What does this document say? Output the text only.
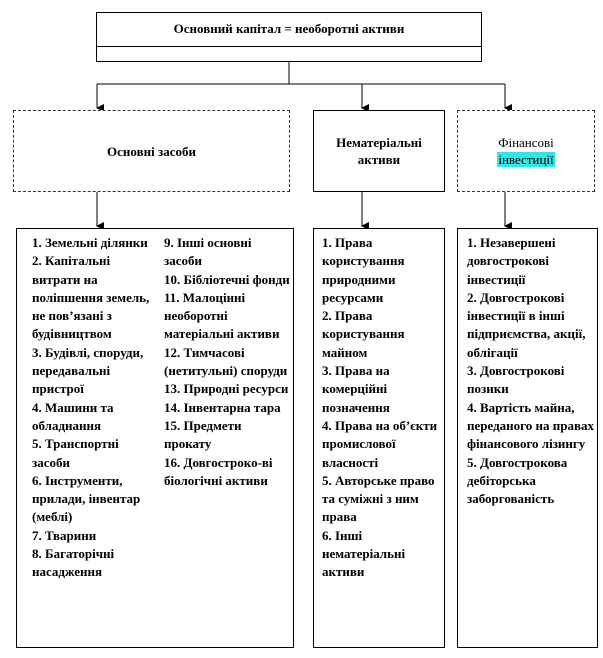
Основний капітал = необоротні активи
Основні засоби
Нематеріальні
активи
Фінансові
інвестиції
1. Земельні ділянки
2. Капітальні витрати на поліпшення земель, не пов’язані з будівництвом
3. Будівлі, споруди, передавальні пристрої
4. Машини та обладнання
5. Транспортні засоби
6. Інструменти, прилади, інвентар (меблі)
7. Тварини
8. Багаторічні насадження
9. Інші основні засоби
10. Бібліотечні фонди
11. Малоцінні необоротні матеріальні активи
12. Тимчасові (нетитульні) споруди
13. Природні ресурси
14. Інвентарна тара
15. Предмети прокату
16. Довгостроко-ві біологічні активи
1. Права користування природними ресурсами
2. Права користування майном
3. Права на комерційні позначення
4. Права на об’єкти промислової власності
5. Авторське право та суміжні з ним права
6. Інші нематеріальні активи
1. Незавершені довгострокові інвестиції
2. Довгострокові інвестиції в інші підприємства, акції, облігації
3. Довгострокові позики
4. Вартість майна, переданого на правах фінансового лізингу
5. Довгострокова дебіторська заборгованість
